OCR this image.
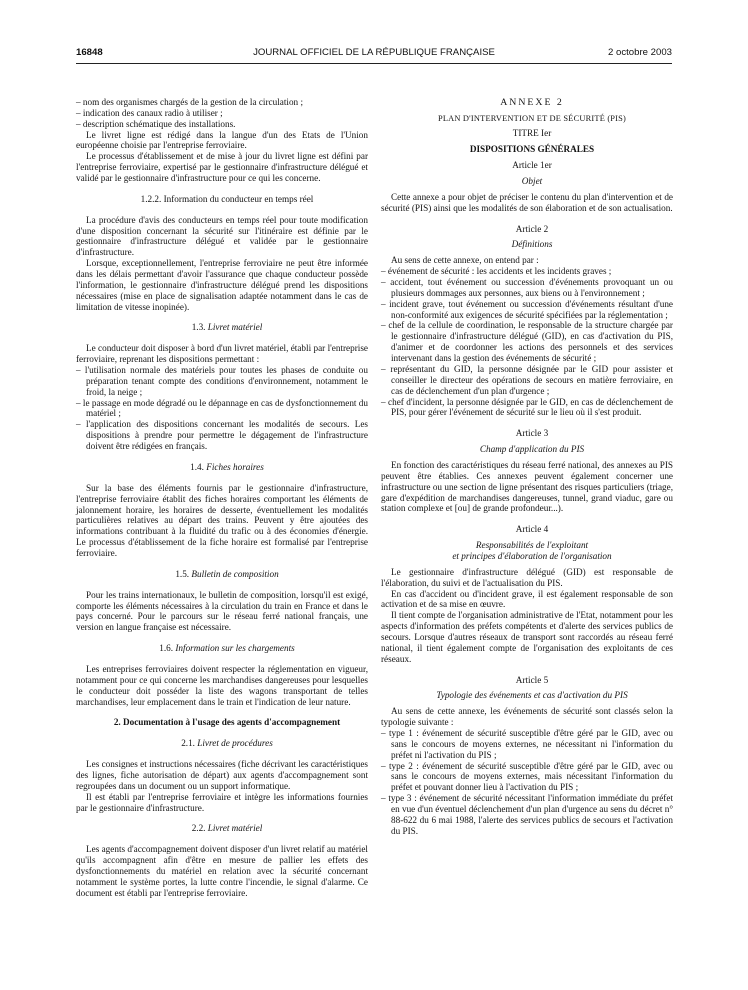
16848	JOURNAL OFFICIEL DE LA RÉPUBLIQUE FRANÇAISE	2 octobre 2003

– nom des organismes chargés de la gestion de la circulation ;

– indication des canaux radio à utiliser ;

– description schématique des installations.

Le livret ligne est rédigé dans la langue d'un des Etats de l'Union européenne choisie par l'entreprise ferroviaire.

Le processus d'établissement et de mise à jour du livret ligne est défini par l'entreprise ferroviaire, expertisé par le gestionnaire d'infrastructure délégué et validé par le gestionnaire d'infrastructure pour ce qui les concerne.

1.2.2. Information du conducteur en temps réel

La procédure d'avis des conducteurs en temps réel pour toute modification d'une disposition concernant la sécurité sur l'itinéraire est définie par le gestionnaire d'infrastructure délégué et validée par le gestionnaire d'infrastructure.

Lorsque, exceptionnellement, l'entreprise ferroviaire ne peut être informée dans les délais permettant d'avoir l'assurance que chaque conducteur possède l'information, le gestionnaire d'infrastructure délégué prend les dispositions nécessaires (mise en place de signalisation adaptée notamment dans le cas de limitation de vitesse inopinée).

1.3. Livret matériel

Le conducteur doit disposer à bord d'un livret matériel, établi par l'entreprise ferroviaire, reprenant les dispositions permettant :

– l'utilisation normale des matériels pour toutes les phases de conduite ou préparation tenant compte des conditions d'environnement, notamment le froid, la neige ;

– le passage en mode dégradé ou le dépannage en cas de dysfonctionnement du matériel ;

– l'application des dispositions concernant les modalités de secours. Les dispositions à prendre pour permettre le dégagement de l'infrastructure doivent être rédigées en français.

1.4. Fiches horaires

Sur la base des éléments fournis par le gestionnaire d'infrastructure, l'entreprise ferroviaire établit des fiches horaires comportant les éléments de jalonnement horaire, les horaires de desserte, éventuellement les modalités particulières relatives au départ des trains. Peuvent y être ajoutées des informations contribuant à la fluidité du trafic ou à des économies d'énergie. Le processus d'établissement de la fiche horaire est formalisé par l'entreprise ferroviaire.

1.5. Bulletin de composition

Pour les trains internationaux, le bulletin de composition, lorsqu'il est exigé, comporte les éléments nécessaires à la circulation du train en France et dans le pays concerné. Pour le parcours sur le réseau ferré national français, une version en langue française est nécessaire.

1.6. Information sur les chargements

Les entreprises ferroviaires doivent respecter la réglementation en vigueur, notamment pour ce qui concerne les marchandises dangereuses pour lesquelles le conducteur doit posséder la liste des wagons transportant de telles marchandises, leur emplacement dans le train et l'indication de leur nature.

2. Documentation à l'usage des agents d'accompagnement

2.1. Livret de procédures

Les consignes et instructions nécessaires (fiche décrivant les caractéristiques des lignes, fiche autorisation de départ) aux agents d'accompagnement sont regroupées dans un document ou un support informatique.

Il est établi par l'entreprise ferroviaire et intègre les informations fournies par le gestionnaire d'infrastructure.

2.2. Livret matériel

Les agents d'accompagnement doivent disposer d'un livret relatif au matériel qu'ils accompagnent afin d'être en mesure de pallier les effets des dysfonctionnements du matériel en relation avec la sécurité concernant notamment le système portes, la lutte contre l'incendie, le signal d'alarme. Ce document est établi par l'entreprise ferroviaire.

ANNEXE 2

PLAN D'INTERVENTION ET DE SÉCURITÉ (PIS)

TITRE Ier

DISPOSITIONS GÉNÉRALES

Article 1er

Objet

Cette annexe a pour objet de préciser le contenu du plan d'intervention et de sécurité (PIS) ainsi que les modalités de son élaboration et de son actualisation.

Article 2

Définitions

Au sens de cette annexe, on entend par :

– événement de sécurité : les accidents et les incidents graves ;

– accident, tout événement ou succession d'événements provoquant un ou plusieurs dommages aux personnes, aux biens ou à l'environnement ;

– incident grave, tout événement ou succession d'événements résultant d'une non-conformité aux exigences de sécurité spécifiées par la réglementation ;

– chef de la cellule de coordination, le responsable de la structure chargée par le gestionnaire d'infrastructure délégué (GID), en cas d'activation du PIS, d'animer et de coordonner les actions des personnels et des services intervenant dans la gestion des événements de sécurité ;

– représentant du GID, la personne désignée par le GID pour assister et conseiller le directeur des opérations de secours en matière ferroviaire, en cas de déclenchement d'un plan d'urgence ;

– chef d'incident, la personne désignée par le GID, en cas de déclenchement de PIS, pour gérer l'événement de sécurité sur le lieu où il s'est produit.

Article 3

Champ d'application du PIS

En fonction des caractéristiques du réseau ferré national, des annexes au PIS peuvent être établies. Ces annexes peuvent également concerner une infrastructure ou une section de ligne présentant des risques particuliers (triage, gare d'expédition de marchandises dangereuses, tunnel, grand viaduc, gare ou station complexe et [ou] de grande profondeur...).

Article 4

Responsabilités de l'exploitant

et principes d'élaboration de l'organisation

Le gestionnaire d'infrastructure délégué (GID) est responsable de l'élaboration, du suivi et de l'actualisation du PIS.

En cas d'accident ou d'incident grave, il est également responsable de son activation et de sa mise en œuvre.

Il tient compte de l'organisation administrative de l'Etat, notamment pour les aspects d'information des préfets compétents et d'alerte des services publics de secours. Lorsque d'autres réseaux de transport sont raccordés au réseau ferré national, il tient également compte de l'organisation des exploitants de ces réseaux.

Article 5

Typologie des événements et cas d'activation du PIS

Au sens de cette annexe, les événements de sécurité sont classés selon la typologie suivante :

– type 1 : événement de sécurité susceptible d'être géré par le GID, avec ou sans le concours de moyens externes, ne nécessitant ni l'information du préfet ni l'activation du PIS ;

– type 2 : événement de sécurité susceptible d'être géré par le GID, avec ou sans le concours de moyens externes, mais nécessitant l'information du préfet et pouvant donner lieu à l'activation du PIS ;

– type 3 : événement de sécurité nécessitant l'information immédiate du préfet en vue d'un éventuel déclenchement d'un plan d'urgence au sens du décret n° 88-622 du 6 mai 1988, l'alerte des services publics de secours et l'activation du PIS.
